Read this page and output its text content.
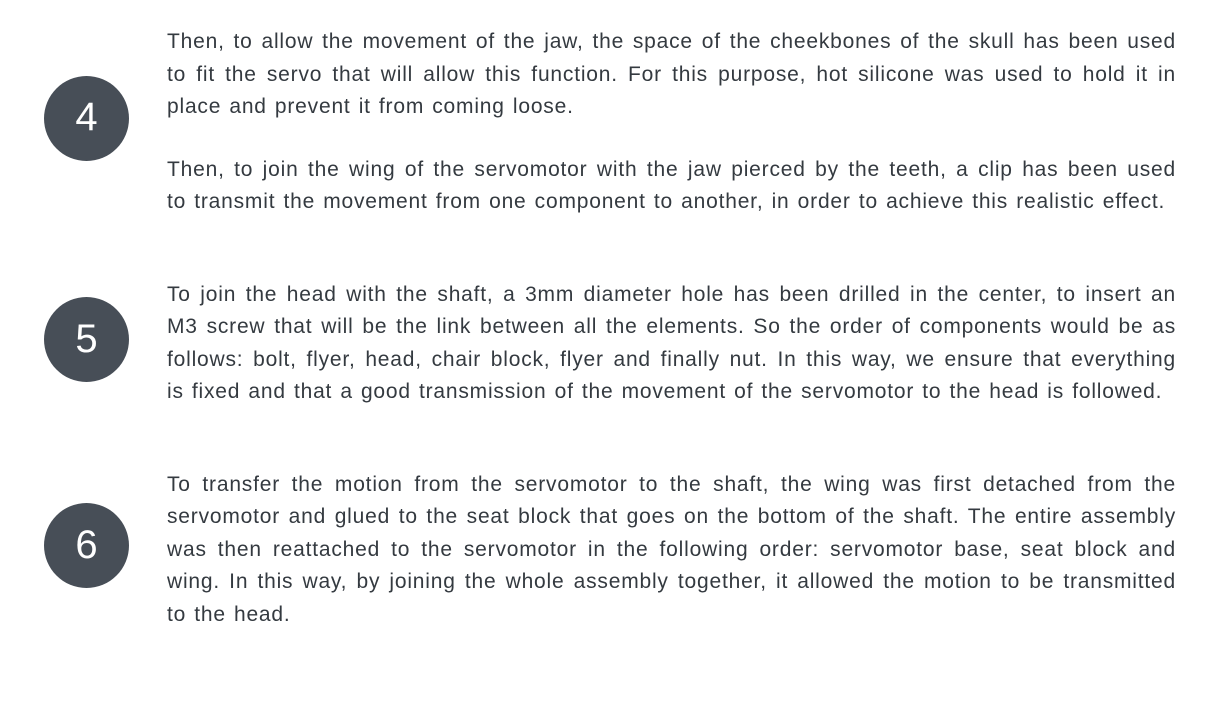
4

Then, to allow the movement of the jaw, the space of the cheekbones of the skull has been used to fit the servo that will allow this function. For this purpose, hot silicone was used to hold it in place and prevent it from coming loose.

Then, to join the wing of the servomotor with the jaw pierced by the teeth, a clip has been used to transmit the movement from one component to another, in order to achieve this realistic effect.

5

To join the head with the shaft, a 3mm diameter hole has been drilled in the center, to insert an M3 screw that will be the link between all the elements. So the order of components would be as follows: bolt, flyer, head, chair block, flyer and finally nut. In this way, we ensure that everything is fixed and that a good transmission of the movement of the servomotor to the head is followed.

6

To transfer the motion from the servomotor to the shaft, the wing was first detached from the servomotor and glued to the seat block that goes on the bottom of the shaft. The entire assembly was then reattached to the servomotor in the following order: servomotor base, seat block and wing. In this way, by joining the whole assembly together, it allowed the motion to be transmitted to the head.
